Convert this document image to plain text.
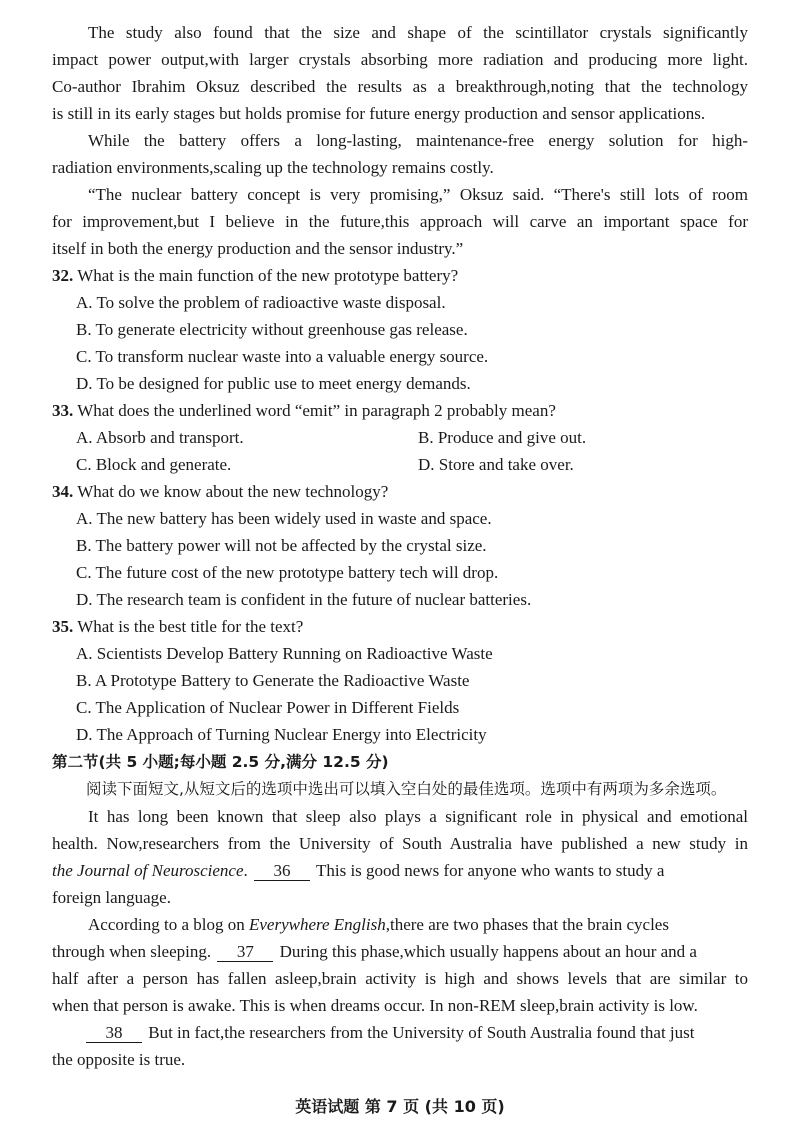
The study also found that the size and shape of the scintillator crystals significantly

impact power output,with larger crystals absorbing more radiation and producing more light.

Co-author Ibrahim Oksuz described the results as a breakthrough,noting that the technology

is still in its early stages but holds promise for future energy production and sensor applications.

While the battery offers a long-lasting, maintenance-free energy solution for high-

radiation environments,scaling up the technology remains costly.

“The nuclear battery concept is very promising,” Oksuz said. “There's still lots of room

for improvement,but I believe in the future,this approach will carve an important space for

itself in both the energy production and the sensor industry.”

32. What is the main function of the new prototype battery?

A. To solve the problem of radioactive waste disposal.

B. To generate electricity without greenhouse gas release.

C. To transform nuclear waste into a valuable energy source.

D. To be designed for public use to meet energy demands.

33. What does the underlined word “emit” in paragraph 2 probably mean?

A. Absorb and transport.	B. Produce and give out.

C. Block and generate.	D. Store and take over.

34. What do we know about the new technology?

A. The new battery has been widely used in waste and space.

B. The battery power will not be affected by the crystal size.

C. The future cost of the new prototype battery tech will drop.

D. The research team is confident in the future of nuclear batteries.

35. What is the best title for the text?

A. Scientists Develop Battery Running on Radioactive Waste

B. A Prototype Battery to Generate the Radioactive Waste

C. The Application of Nuclear Power in Different Fields

D. The Approach of Turning Nuclear Energy into Electricity

第二节(共 5 小题;每小题 2.5 分,满分 12.5 分)

阅读下面短文,从短文后的选项中选出可以填入空白处的最佳选项。选项中有两项为多余选项。

It has long been known that sleep also plays a significant role in physical and emotional

health. Now,researchers from the University of South Australia have published a new study in

the Journal of Neuroscience. 36 This is good news for anyone who wants to study a

foreign language.

According to a blog on Everywhere English,there are two phases that the brain cycles

through when sleeping. 37 During this phase,which usually happens about an hour and a

half after a person has fallen asleep,brain activity is high and shows levels that are similar to

when that person is awake. This is when dreams occur. In non-REM sleep,brain activity is low.

38 But in fact,the researchers from the University of South Australia found that just

the opposite is true.

英语试题 第 7 页 (共 10 页)
